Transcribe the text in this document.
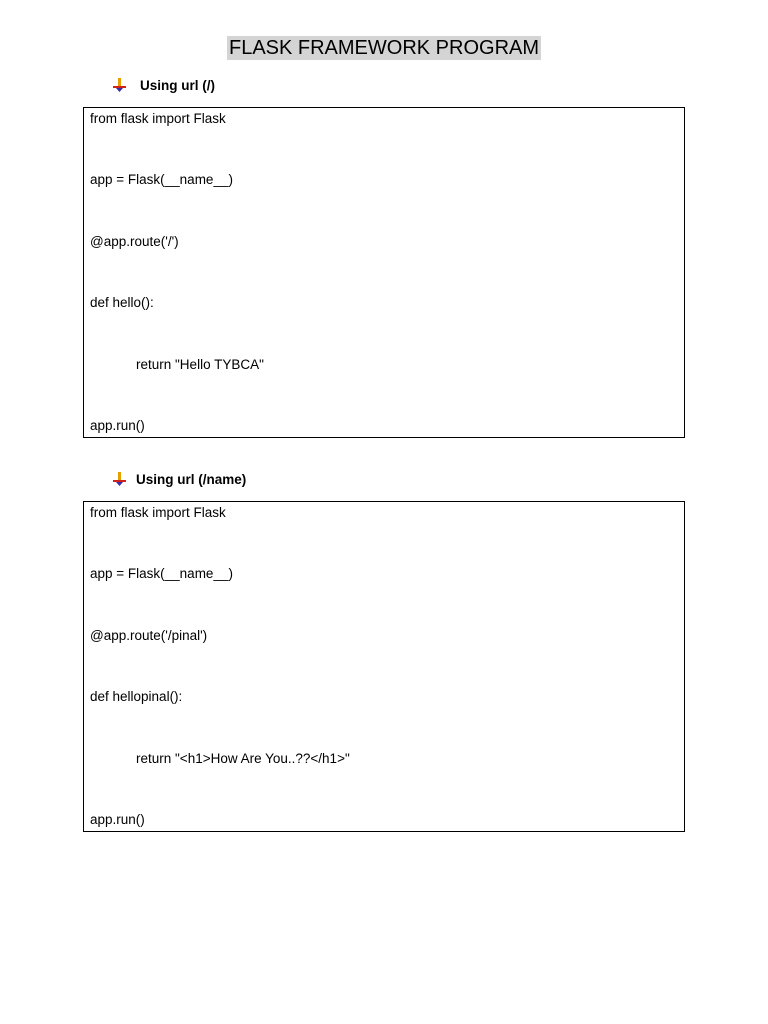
FLASK FRAMEWORK PROGRAM
Using url (/)
from flask import Flask
app = Flask(__name__)
@app.route('/')
def hello():
return "Hello TYBCA"
app.run()
Using url (/name)
from flask import Flask
app = Flask(__name__)
@app.route('/pinal')
def hellopinal():
return "<h1>How Are You..??</h1>"
app.run()
